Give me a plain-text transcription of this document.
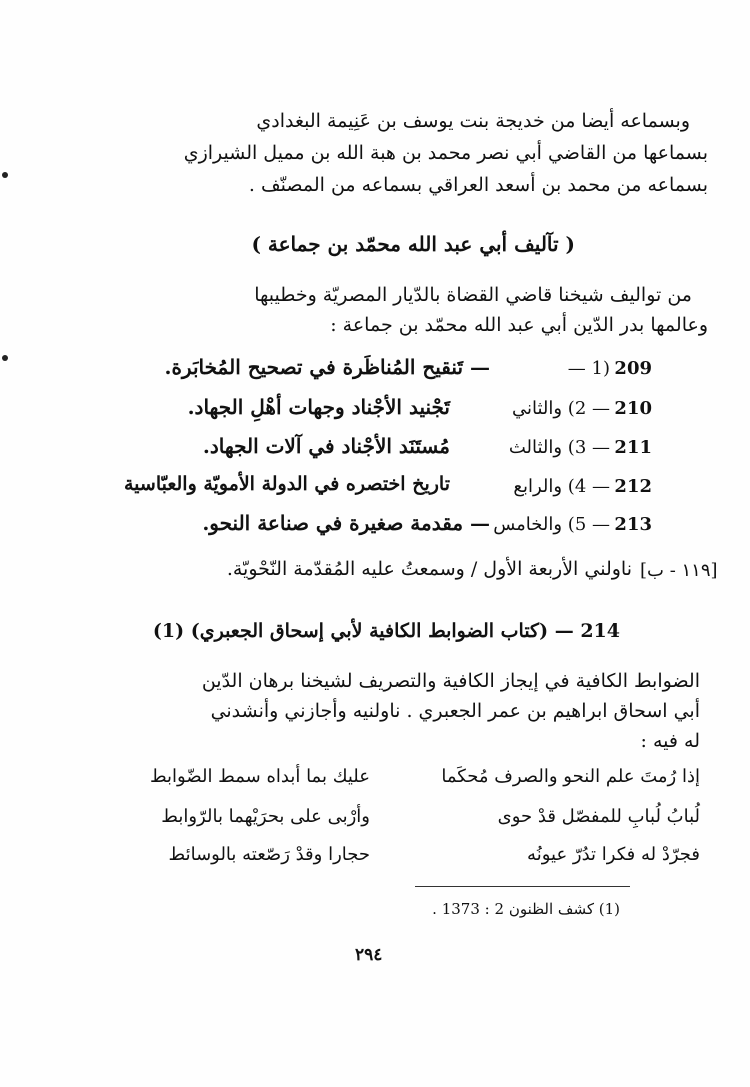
وبسماعه أيضا من خديجة بنت يوسف بن عَنِيمة البغدادي
بسماعها من القاضي أبي نصر محمد بن هبة الله بن مميل الشيرازي
بسماعه من محمد بن أسعد العراقي بسماعه من المصنّف .
( تآليف أبي عبد الله محمّد بن جماعة )
من تواليف شيخنا قاضي القضاة بالدّيار المصريّة وخطيبها
وعالمها بدر الدّين أبي عبد الله محمّد بن جماعة :
209
(1 —
— تَنقيح المُناظَرة في تصحيح المُخابَرة.
210
— 2) والثاني
تَجْنيد الأجْناد وجهات أهْلِ الجهاد.
211
— 3) والثالث
مُستَنَد الأجْناد في آلات الجهاد.
212
— 4) والرابع
تاريخ اختصره في الدولة الأمويّة والعبّاسية
213
— 5) والخامس
— مقدمة صغيرة في صناعة النحو.
ناولني الأربعة الأول / وسمعتُ عليه المُقدّمة النّحْويّة. [١١٩ - ب]
214 — (كتاب الضوابط الكافية لأبي إسحاق الجعبري) (1)
الضوابط الكافية في إيجاز الكافية والتصريف لشيخنا برهان الدّين
أبي اسحاق ابراهيم بن عمر الجعبري . ناولنيه وأجازني وأنشدني
له فيه :
إذا رُمتَ علم النحو والصرف مُحكَما
عليك بما أبداه سمط الضّوابط
لُبابُ لُبابِ للمفصّل قدْ حوى
وأرْبى على بحرَيْهما بالرّوابط
فجرّدْ له فكرا تدُرّ عيونُه
حجارا وقدْ رَصّعته بالوسائط
(1) كشف الظنون 2 : 1373 .
٢٩٤
